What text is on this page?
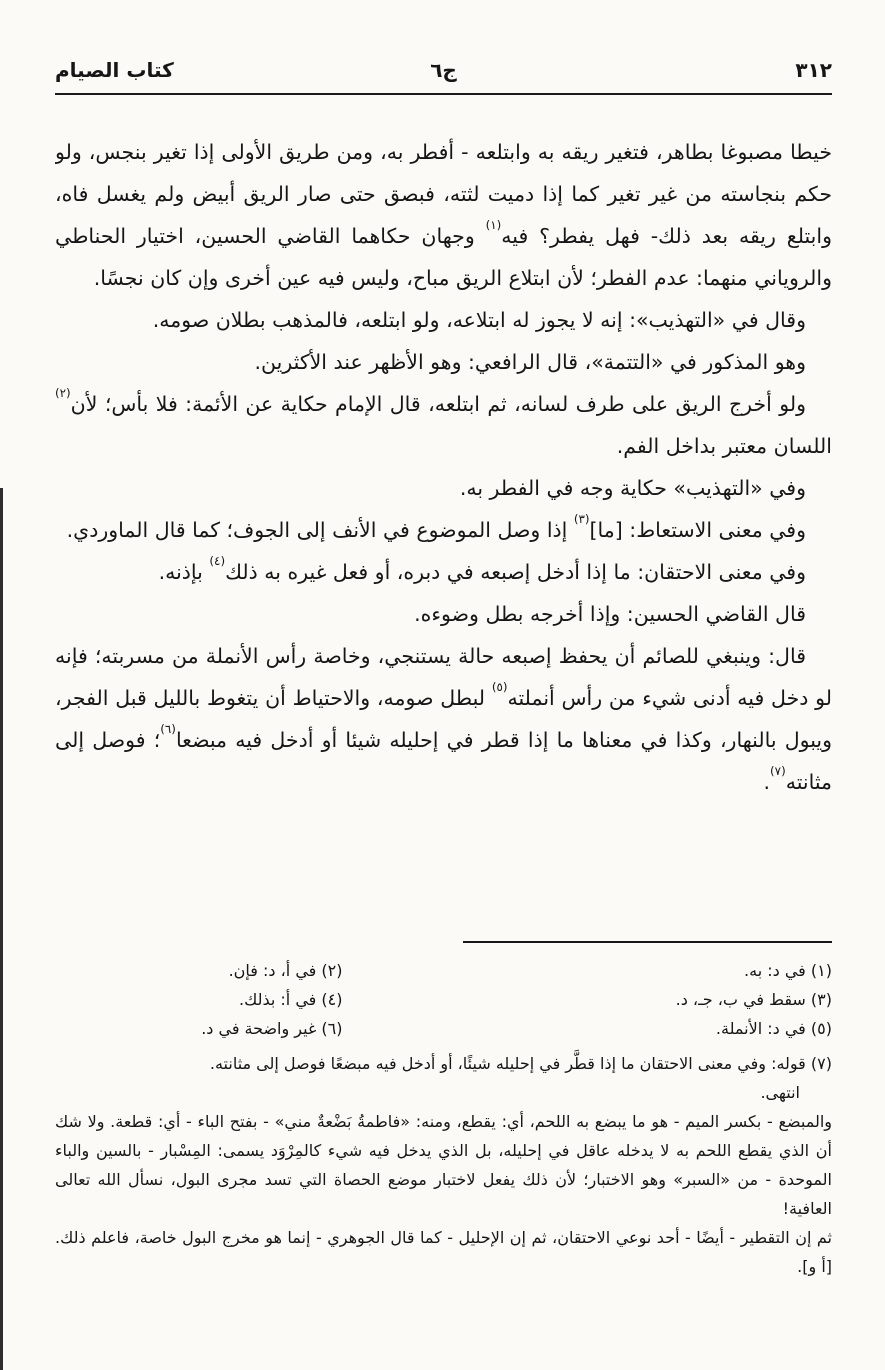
٣١٢
ج٦
كتاب الصيام

خيطا مصبوغا بطاهر، فتغير ريقه به وابتلعه - أفطر به، ومن طريق الأولى إذا تغير بنجس، ولو حكم بنجاسته من غير تغير كما إذا دميت لثته، فبصق حتى صار الريق أبيض ولم يغسل فاه، وابتلع ريقه بعد ذلك- فهل يفطر؟ فيه$^{(١)}$ وجهان حكاهما القاضي الحسين، اختيار الحناطي والروياني منهما: عدم الفطر؛ لأن ابتلاع الريق مباح، وليس فيه عين أخرى وإن كان نجسًا.

وقال في «التهذيب»: إنه لا يجوز له ابتلاعه، ولو ابتلعه، فالمذهب بطلان صومه.

وهو المذكور في «التتمة»، قال الرافعي: وهو الأظهر عند الأكثرين.

ولو أخرج الريق على طرف لسانه، ثم ابتلعه، قال الإمام حكاية عن الأئمة: فلا بأس؛ لأن$^{(٢)}$ اللسان معتبر بداخل الفم.

وفي «التهذيب» حكاية وجه في الفطر به.

وفي معنى الاستعاط: [ما]$^{(٣)}$ إذا وصل الموضوع في الأنف إلى الجوف؛ كما قال الماوردي.

وفي معنى الاحتقان: ما إذا أدخل إصبعه في دبره، أو فعل غيره به ذلك$^{(٤)}$ بإذنه.

قال القاضي الحسين: وإذا أخرجه بطل وضوءه.

قال: وينبغي للصائم أن يحفظ إصبعه حالة يستنجي، وخاصة رأس الأنملة من مسربته؛ فإنه لو دخل فيه أدنى شيء من رأس أنملته$^{(٥)}$ لبطل صومه، والاحتياط أن يتغوط بالليل قبل الفجر، ويبول بالنهار، وكذا في معناها ما إذا قطر في إحليله شيئا أو أدخل فيه مبضعا$^{(٦)}$؛ فوصل إلى مثانته$^{(٧)}$.

(١) في د: به.
(٢) في أ، د: فإن.
(٣) سقط في ب، جـ، د.
(٤) في أ: بذلك.
(٥) في د: الأنملة.
(٦) غير واضحة في د.

(٧) قوله: وفي معنى الاحتقان ما إذا قطَّر في إحليله شيئًا، أو أدخل فيه مبضعًا فوصل إلى مثانته.

انتهى.

والمبضع - بكسر الميم - هو ما يبضع به اللحم، أي: يقطع، ومنه: «فاطمةُ بَضْعةٌ مني» - بفتح الباء - أي: قطعة. ولا شك أن الذي يقطع اللحم به لا يدخله عاقل في إحليله، بل الذي يدخل فيه شيء كالمِرْوَد يسمى: المِسْبار - بالسين والباء الموحدة - من «السبر» وهو الاختبار؛ لأن ذلك يفعل لاختبار موضع الحصاة التي تسد مجرى البول، نسأل الله تعالى العافية!

ثم إن التقطير - أيضًا - أحد نوعي الاحتقان، ثم إن الإحليل - كما قال الجوهري - إنما هو مخرج البول خاصة، فاعلم ذلك. [أ و].
